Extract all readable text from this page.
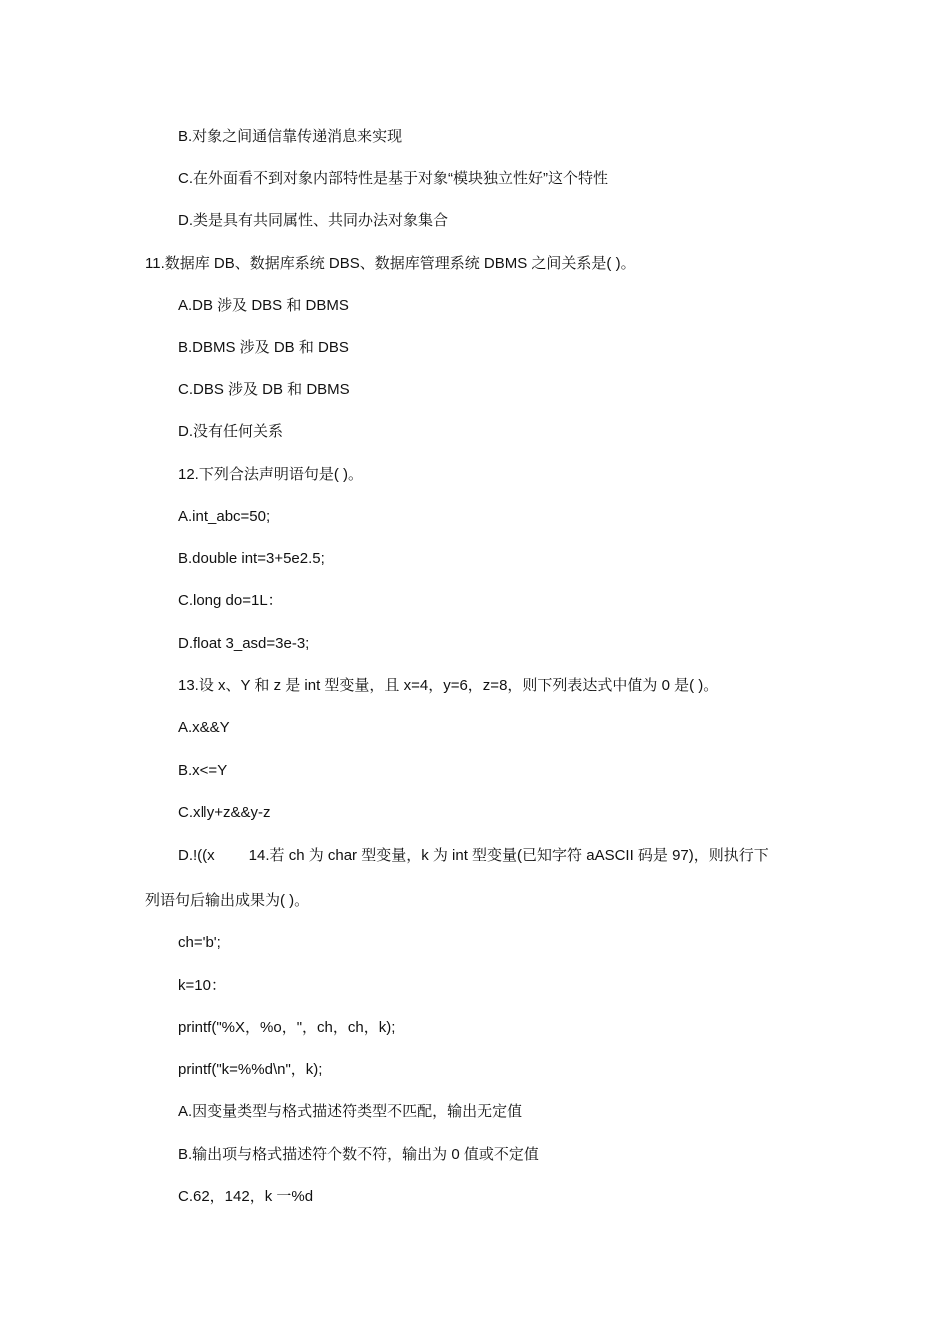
B.对象之间通信靠传递消息来实现
C.在外面看不到对象内部特性是基于对象“模块独立性好”这个特性
D.类是具有共同属性、共同办法对象集合
11.数据库 DB、数据库系统 DBS、数据库管理系统 DBMS 之间关系是( )。
A.DB 涉及 DBS 和 DBMS
B.DBMS 涉及 DB 和 DBS
C.DBS 涉及 DB 和 DBMS
D.没有任何关系
12.下列合法声明语句是( )。
A.int_abc=50;
B.double int=3+5e2.5;
C.long do=1L：
D.float 3_asd=3e-3;
13.设 x、Y 和 z 是 int 型变量，且 x=4，y=6，z=8，则下列表达式中值为 0 是( )。
A.x&&Y
B.x<=Y
C.x‖y+z&&y-z
D.!((x 14.若 ch 为 char 型变量，k 为 int 型变量(已知字符 aASCII 码是 97)，则执行下
列语句后输出成果为( )。
ch='b';
k=10：
printf("%X，%o，"，ch，ch，k);
printf("k=%%d\n"，k);
A.因变量类型与格式描述符类型不匹配，输出无定值
B.输出项与格式描述符个数不符，输出为 0 值或不定值
C.62，142，k 一%d
